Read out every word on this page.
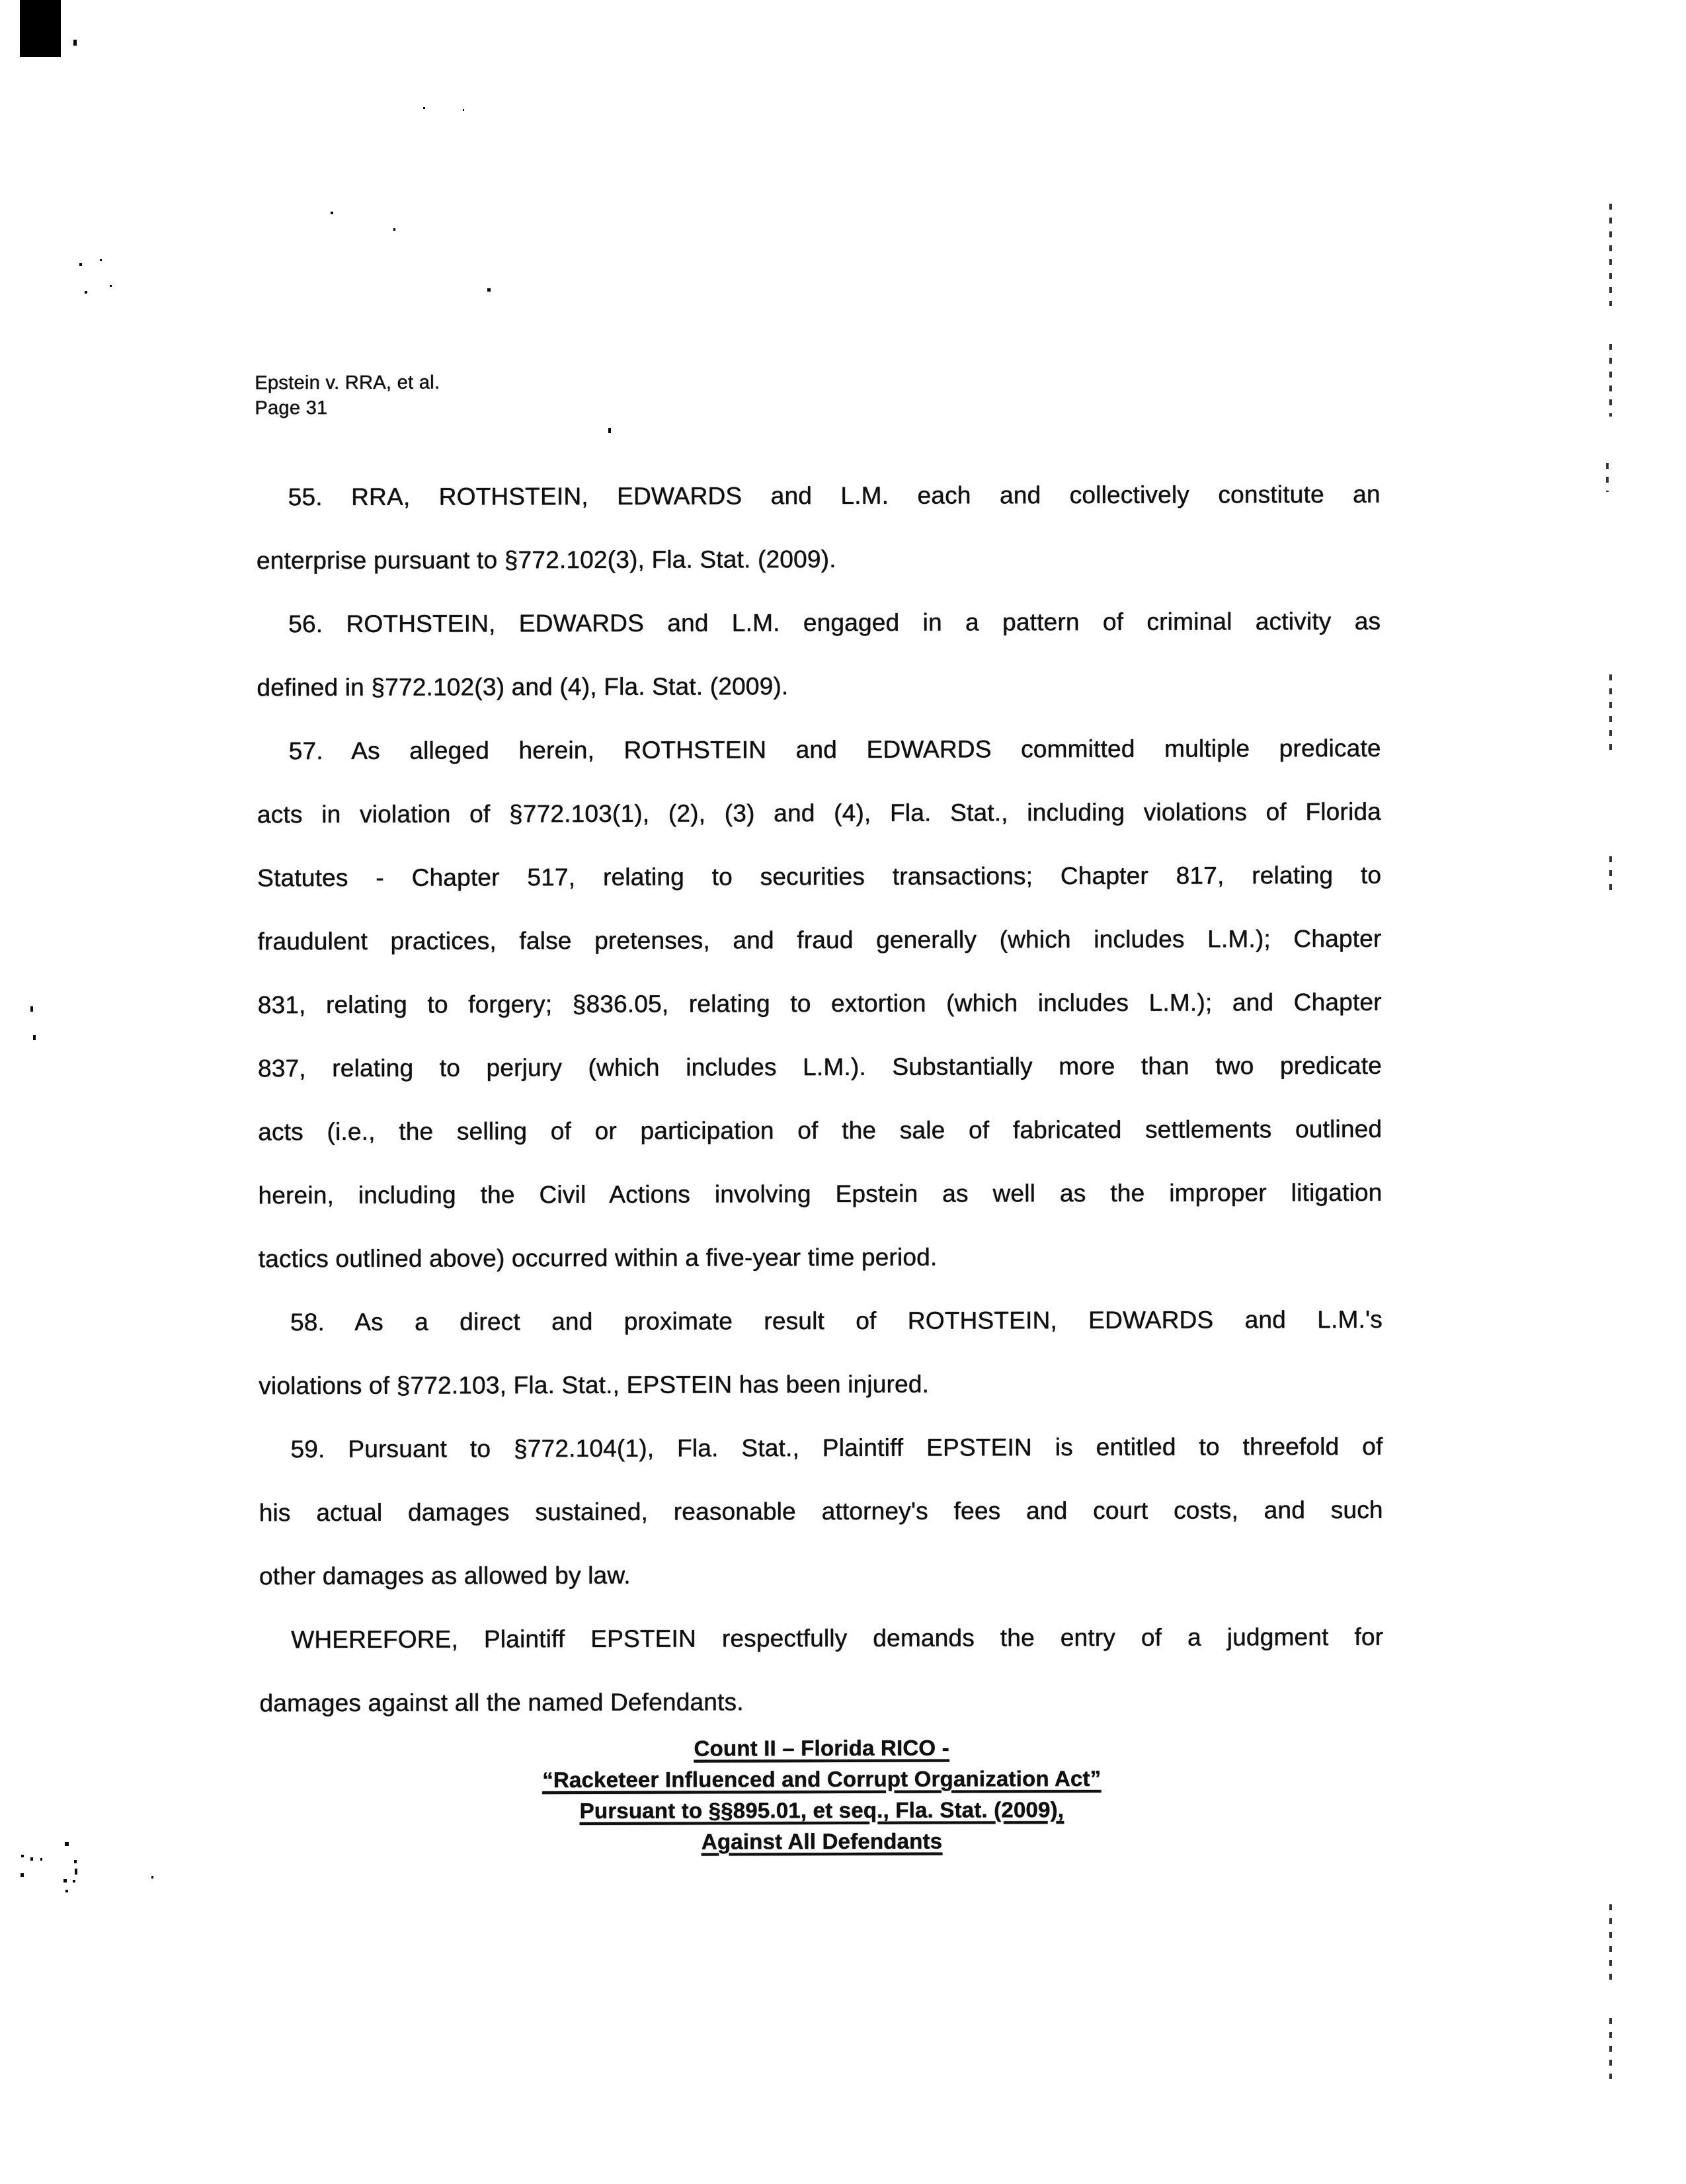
Epstein v. RRA, et al.
Page 31
55. RRA, ROTHSTEIN, EDWARDS and L.M. each and collectively constitute an
enterprise pursuant to §772.102(3), Fla. Stat. (2009).
56. ROTHSTEIN, EDWARDS and L.M. engaged in a pattern of criminal activity as
defined in §772.102(3) and (4), Fla. Stat. (2009).
57. As alleged herein, ROTHSTEIN and EDWARDS committed multiple predicate
acts in violation of §772.103(1), (2), (3) and (4), Fla. Stat., including violations of Florida
Statutes - Chapter 517, relating to securities transactions; Chapter 817, relating to
fraudulent practices, false pretenses, and fraud generally (which includes L.M.); Chapter
831, relating to forgery; §836.05, relating to extortion (which includes L.M.); and Chapter
837, relating to perjury (which includes L.M.). Substantially more than two predicate
acts (i.e., the selling of or participation of the sale of fabricated settlements outlined
herein, including the Civil Actions involving Epstein as well as the improper litigation
tactics outlined above) occurred within a five-year time period.
58. As a direct and proximate result of ROTHSTEIN, EDWARDS and L.M.'s
violations of §772.103, Fla. Stat., EPSTEIN has been injured.
59. Pursuant to §772.104(1), Fla. Stat., Plaintiff EPSTEIN is entitled to threefold of
his actual damages sustained, reasonable attorney's fees and court costs, and such
other damages as allowed by law.
WHEREFORE, Plaintiff EPSTEIN respectfully demands the entry of a judgment for
damages against all the named Defendants.
Count II – Florida RICO -
“Racketeer Influenced and Corrupt Organization Act”
Pursuant to §§895.01, et seq., Fla. Stat. (2009),
Against All Defendants
